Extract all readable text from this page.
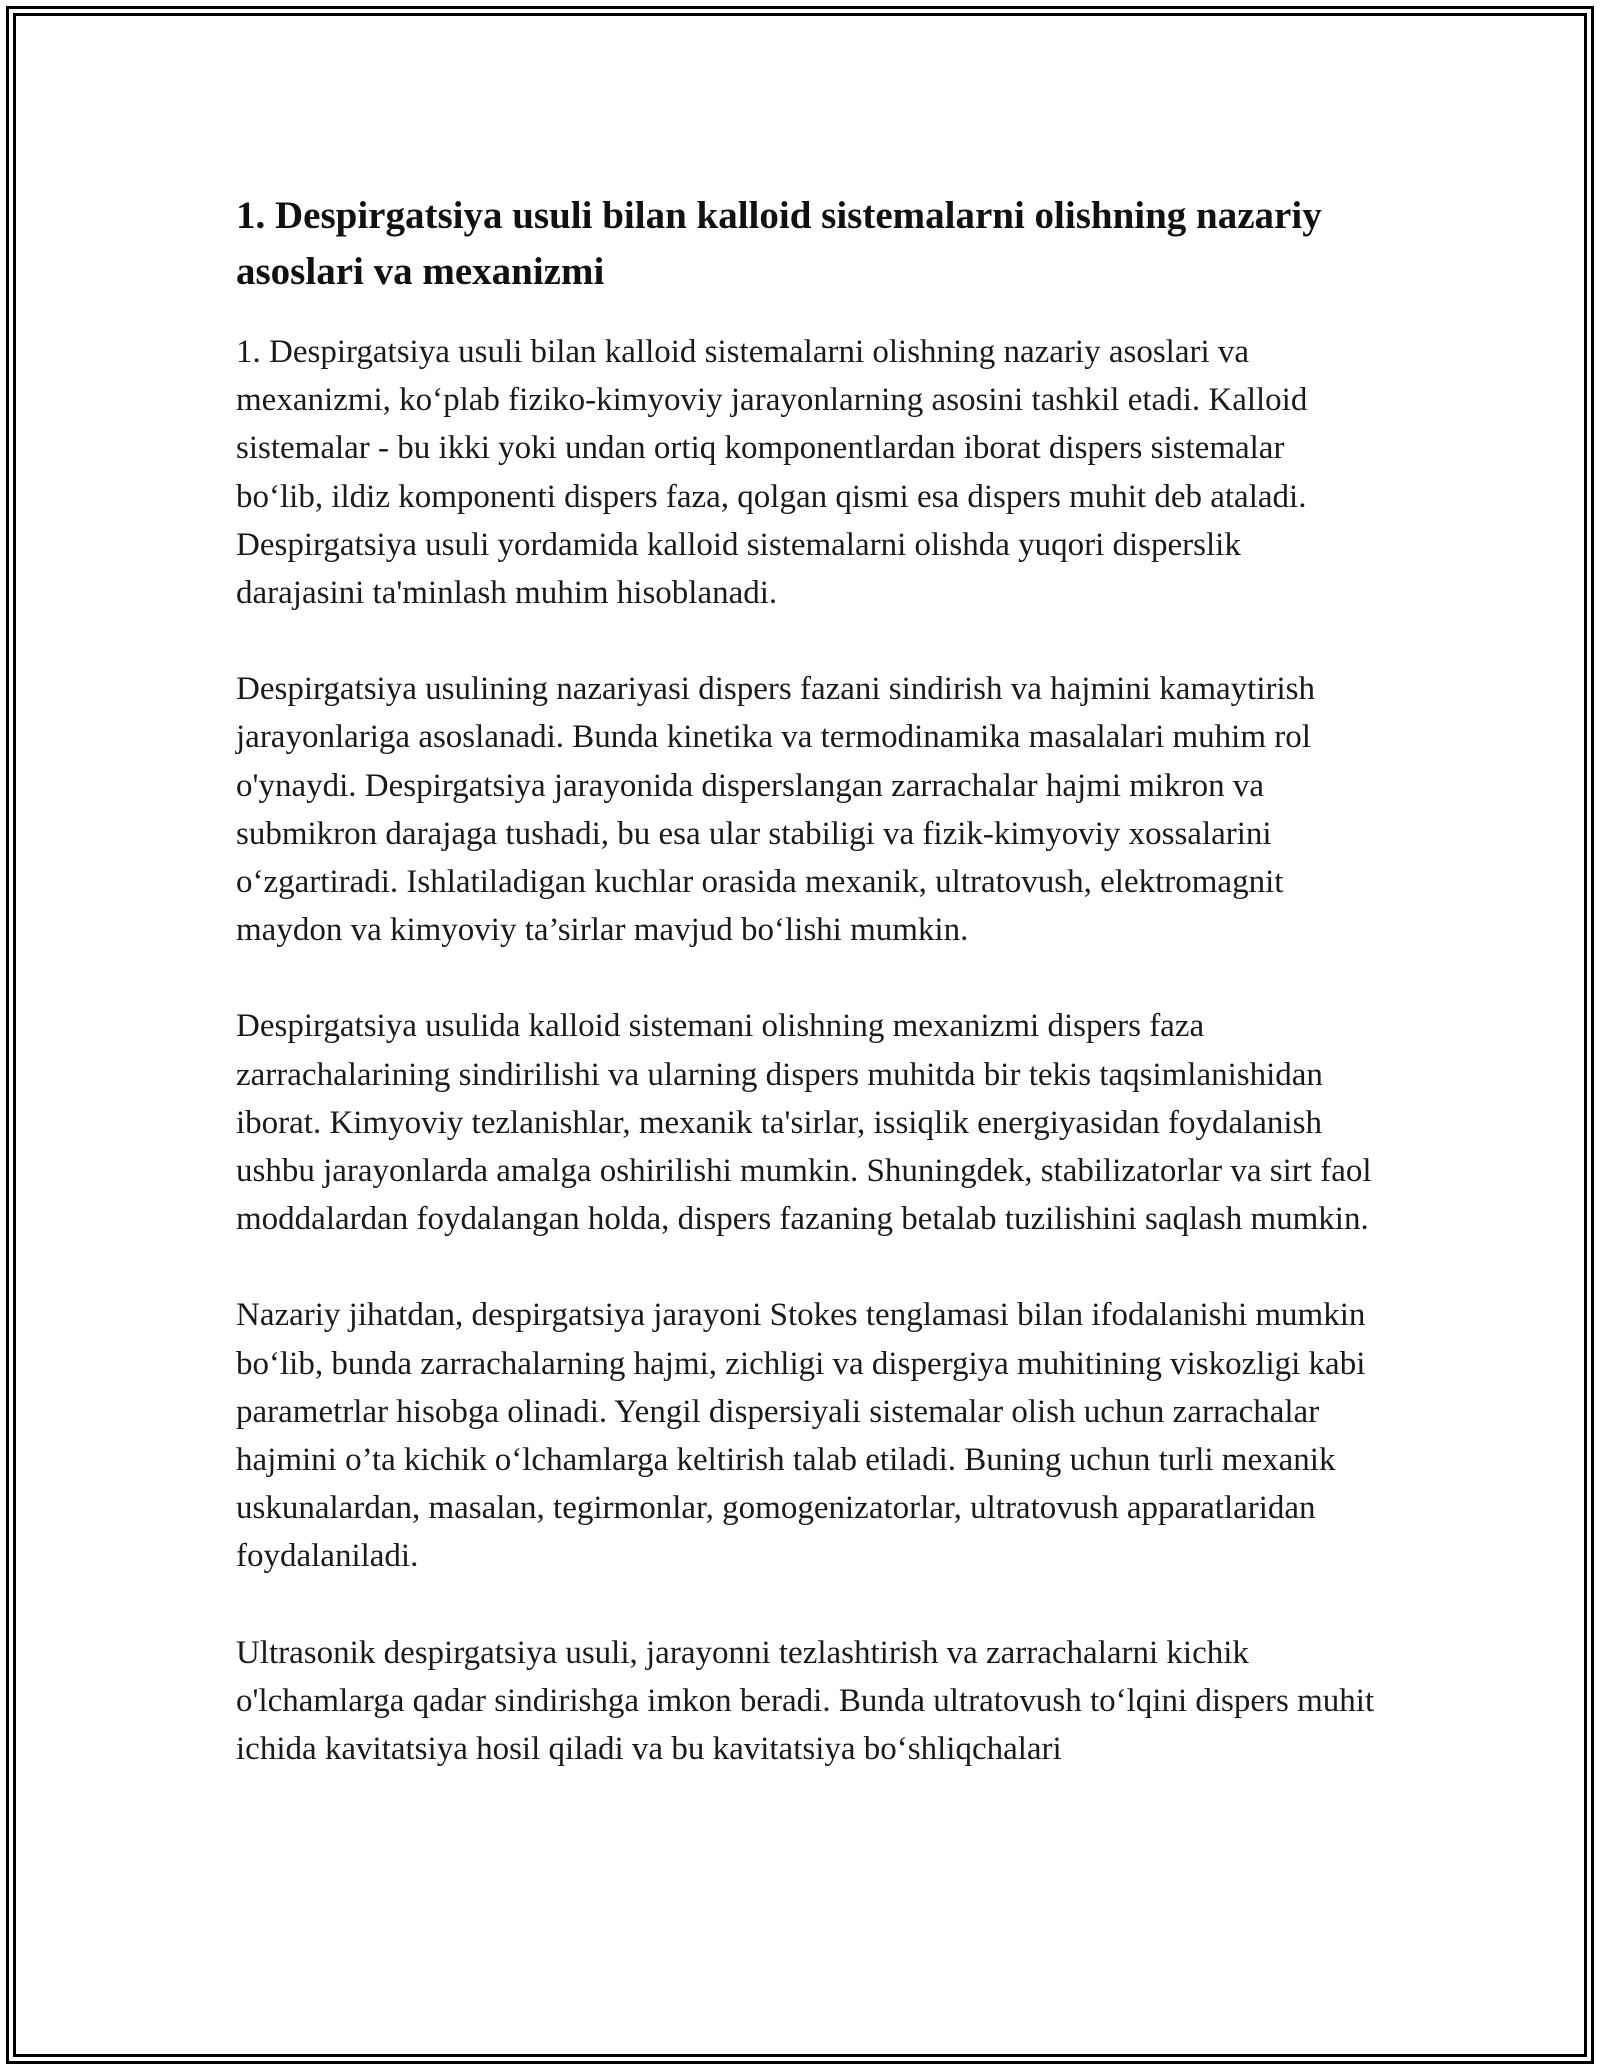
1. Despirgatsiya usuli bilan kalloid sistemalarni olishning nazariy asoslari va mexanizmi

1. Despirgatsiya usuli bilan kalloid sistemalarni olishning nazariy asoslari va mexanizmi, ko‘plab fiziko-kimyoviy jarayonlarning asosini tashkil etadi. Kalloid sistemalar - bu ikki yoki undan ortiq komponentlardan iborat dispers sistemalar bo‘lib, ildiz komponenti dispers faza, qolgan qismi esa dispers muhit deb ataladi. Despirgatsiya usuli yordamida kalloid sistemalarni olishda yuqori disperslik darajasini ta'minlash muhim hisoblanadi.

Despirgatsiya usulining nazariyasi dispers fazani sindirish va hajmini kamaytirish jarayonlariga asoslanadi. Bunda kinetika va termodinamika masalalari muhim rol o'ynaydi. Despirgatsiya jarayonida disperslangan zarrachalar hajmi mikron va submikron darajaga tushadi, bu esa ular stabiligi va fizik-kimyoviy xossalarini o‘zgartiradi. Ishlatiladigan kuchlar orasida mexanik, ultratovush, elektromagnit maydon va kimyoviy ta’sirlar mavjud bo‘lishi mumkin.

Despirgatsiya usulida kalloid sistemani olishning mexanizmi dispers faza zarrachalarining sindirilishi va ularning dispers muhitda bir tekis taqsimlanishidan iborat. Kimyoviy tezlanishlar, mexanik ta'sirlar, issiqlik energiyasidan foydalanish ushbu jarayonlarda amalga oshirilishi mumkin. Shuningdek, stabilizatorlar va sirt faol moddalardan foydalangan holda, dispers fazaning betalab tuzilishini saqlash mumkin.

Nazariy jihatdan, despirgatsiya jarayoni Stokes tenglamasi bilan ifodalanishi mumkin bo‘lib, bunda zarrachalarning hajmi, zichligi va dispergiya muhitining viskozligi kabi parametrlar hisobga olinadi. Yengil dispersiyali sistemalar olish uchun zarrachalar hajmini o’ta kichik o‘lchamlarga keltirish talab etiladi. Buning uchun turli mexanik uskunalardan, masalan, tegirmonlar, gomogenizatorlar, ultratovush apparatlaridan foydalaniladi.

Ultrasonik despirgatsiya usuli, jarayonni tezlashtirish va zarrachalarni kichik o'lchamlarga qadar sindirishga imkon beradi. Bunda ultratovush to‘lqini dispers muhit ichida kavitatsiya hosil qiladi va bu kavitatsiya bo‘shliqchalari
